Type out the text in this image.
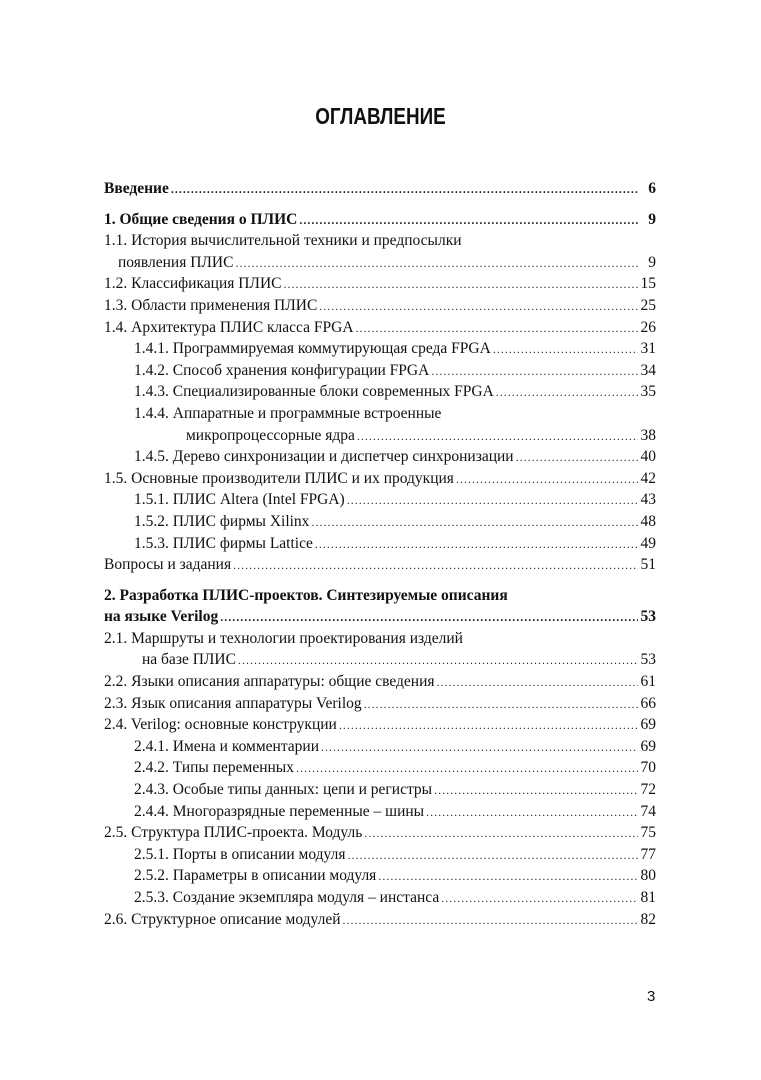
ОГЛАВЛЕНИЕ
Введение .....	6
1. Общие сведения о ПЛИС .....	9
1.1. История вычислительной техники и предпосылки
появления ПЛИС .....	9
1.2. Классификация ПЛИС .....	15
1.3. Области применения ПЛИС .....	25
1.4. Архитектура ПЛИС класса FPGA .....	26
1.4.1. Программируемая коммутирующая среда FPGA .....	31
1.4.2. Способ хранения конфигурации FPGA .....	34
1.4.3. Специализированные блоки современных FPGA .....	35
1.4.4. Аппаратные и программные встроенные
микропроцессорные ядра .....	38
1.4.5. Дерево синхронизации и диспетчер синхронизации .....	40
1.5. Основные производители ПЛИС и их продукция .....	42
1.5.1. ПЛИС Altera (Intel FPGA) .....	43
1.5.2. ПЛИС фирмы Xilinx .....	48
1.5.3. ПЛИС фирмы Lattice .....	49
Вопросы и задания .....	51
2. Разработка ПЛИС-проектов. Синтезируемые описания
на языке Verilog .....	53
2.1. Маршруты и технологии проектирования изделий
на базе ПЛИС .....	53
2.2. Языки описания аппаратуры: общие сведения .....	61
2.3. Язык описания аппаратуры Verilog .....	66
2.4. Verilog: основные конструкции .....	69
2.4.1. Имена и комментарии .....	69
2.4.2. Типы переменных .....	70
2.4.3. Особые типы данных: цепи и регистры .....	72
2.4.4. Многоразрядные переменные – шины .....	74
2.5. Структура ПЛИС-проекта. Модуль .....	75
2.5.1. Порты в описании модуля .....	77
2.5.2. Параметры в описании модуля .....	80
2.5.3. Создание экземпляра модуля – инстанса .....	81
2.6. Структурное описание модулей .....	82
3
